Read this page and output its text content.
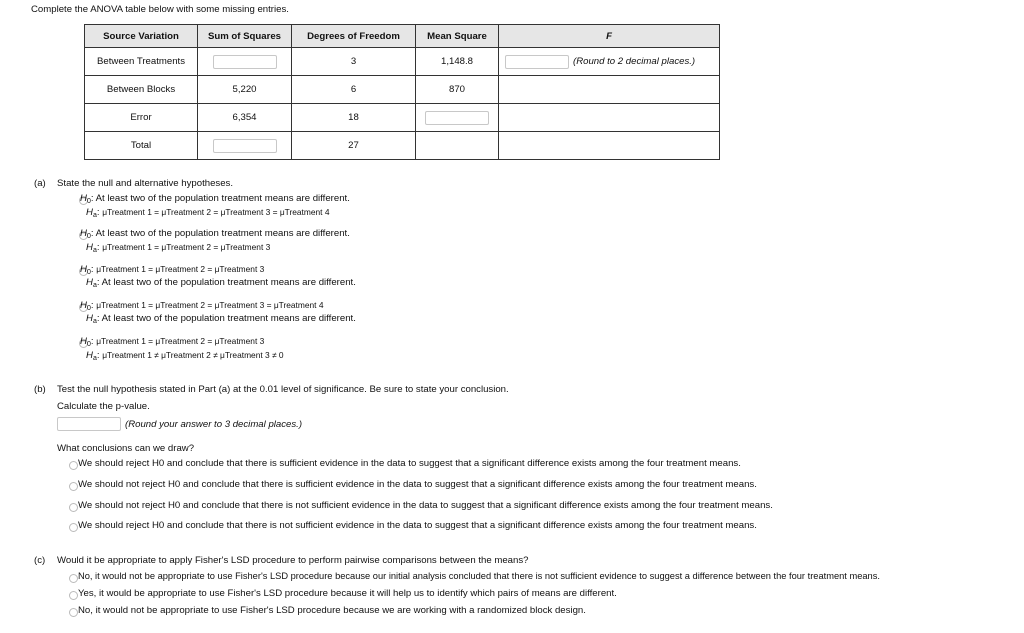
Complete the ANOVA table below with some missing entries.
Source Variation	Sum of Squares	Degrees of Freedom	Mean Square	F
Between Treatments		3	1,148.8	(Round to 2 decimal places.)
Between Blocks	5,220	6	870	
Error	6,354	18		
Total		27		
(a) State the null and alternative hypotheses.
$H_0$: At least two of the population treatment means are different.
$H_a$: μTreatment 1 = μTreatment 2 = μTreatment 3 = μTreatment 4
$H_0$: At least two of the population treatment means are different.
$H_a$: μTreatment 1 = μTreatment 2 = μTreatment 3
$H_0$: μTreatment 1 = μTreatment 2 = μTreatment 3
$H_a$: At least two of the population treatment means are different.
$H_0$: μTreatment 1 = μTreatment 2 = μTreatment 3 = μTreatment 4
$H_a$: At least two of the population treatment means are different.
$H_0$: μTreatment 1 = μTreatment 2 = μTreatment 3
$H_a$: μTreatment 1 ≠ μTreatment 2 ≠ μTreatment 3 ≠ 0
(b) Test the null hypothesis stated in Part (a) at the 0.01 level of significance. Be sure to state your conclusion.
Calculate the p-value.
(Round your answer to 3 decimal places.)
What conclusions can we draw?
We should reject H0 and conclude that there is sufficient evidence in the data to suggest that a significant difference exists among the four treatment means.
We should not reject H0 and conclude that there is sufficient evidence in the data to suggest that a significant difference exists among the four treatment means.
We should not reject H0 and conclude that there is not sufficient evidence in the data to suggest that a significant difference exists among the four treatment means.
We should reject H0 and conclude that there is not sufficient evidence in the data to suggest that a significant difference exists among the four treatment means.
(c) Would it be appropriate to apply Fisher's LSD procedure to perform pairwise comparisons between the means?
No, it would not be appropriate to use Fisher's LSD procedure because our initial analysis concluded that there is not sufficient evidence to suggest a difference between the four treatment means.
Yes, it would be appropriate to use Fisher's LSD procedure because it will help us to identify which pairs of means are different.
No, it would not be appropriate to use Fisher's LSD procedure because we are working with a randomized block design.
